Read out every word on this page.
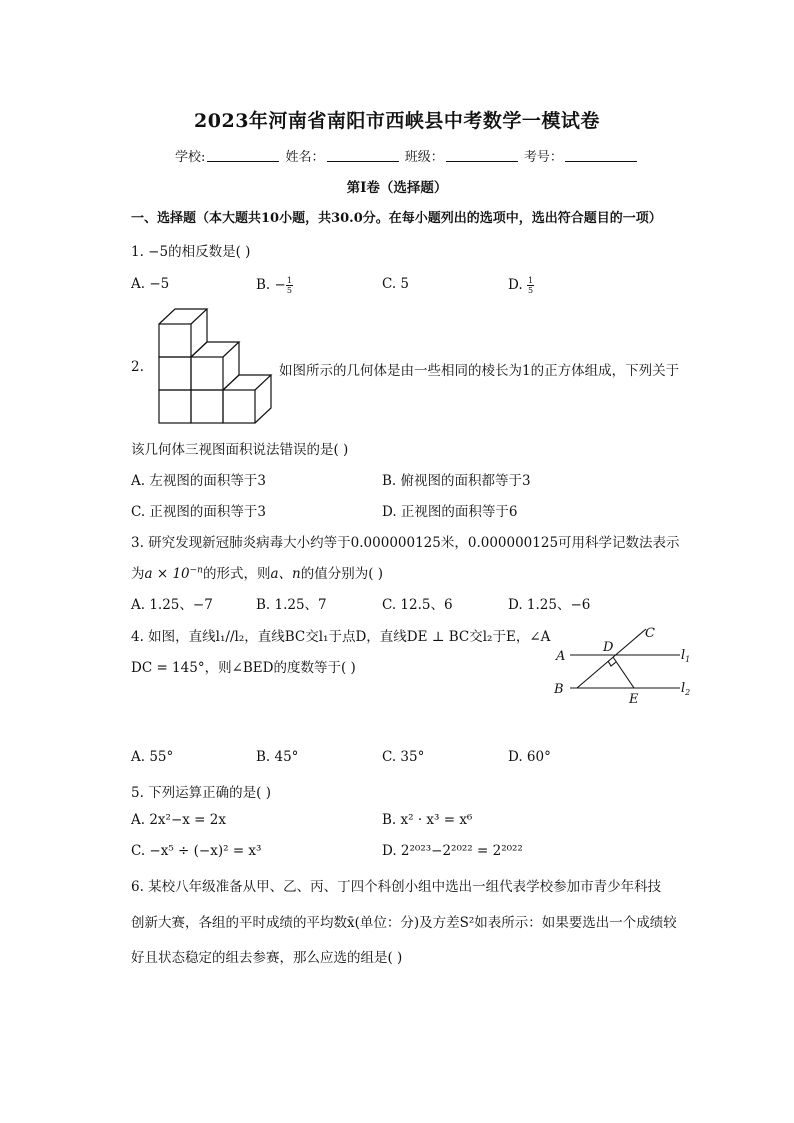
2023年河南省南阳市西峡县中考数学一模试卷
学校:	姓名：	班级：	考号：
第I卷（选择题）
一、选择题（本大题共10小题，共30.0分。在每小题列出的选项中，选出符合题目的一项）
1. −5的相反数是( )
A. −5	B. − $\frac{1}{5}$	C. 5	D. $\frac{1}{5}$
2.	如图所示的几何体是由一些相同的棱长为1的正方体组成，下列关于
该几何体三视图面积说法错误的是( )
A. 左视图的面积等于3	B. 俯视图的面积都等于3
C. 正视图的面积等于3	D. 正视图的面积等于6
3. 研究发现新冠肺炎病毒大小约等于0.000000125米，0.000000125可用科学记数法表示
为$a \times 10^{-n}$的形式，则a、n的值分别为( )
A. 1.25、−7	B. 1.25、7	C. 12.5、6	D. 1.25、−6
4. 如图，直线l₁//l₂，直线BC交l₁于点D，直线DE ⊥ BC交l₂于E，∠A
DC = 145°，则∠BED的度数等于( )
A
D
C
$l_1$
B
E
$l_2$
A. 55°	B. 45°	C. 35°	D. 60°
5. 下列运算正确的是( )
A. 2x²−x = 2x	B. x² · x³ = x⁶
C. −x⁵ ÷ (−x)² = x³	D. 2²⁰²³−2²⁰²² = 2²⁰²²
6. 某校八年级准备从甲、乙、丙、丁四个科创小组中选出一组代表学校参加市青少年科技
创新大赛，各组的平时成绩的平均数x̄(单位：分)及方差S²如表所示：如果要选出一个成绩较
好且状态稳定的组去参赛，那么应选的组是( )
